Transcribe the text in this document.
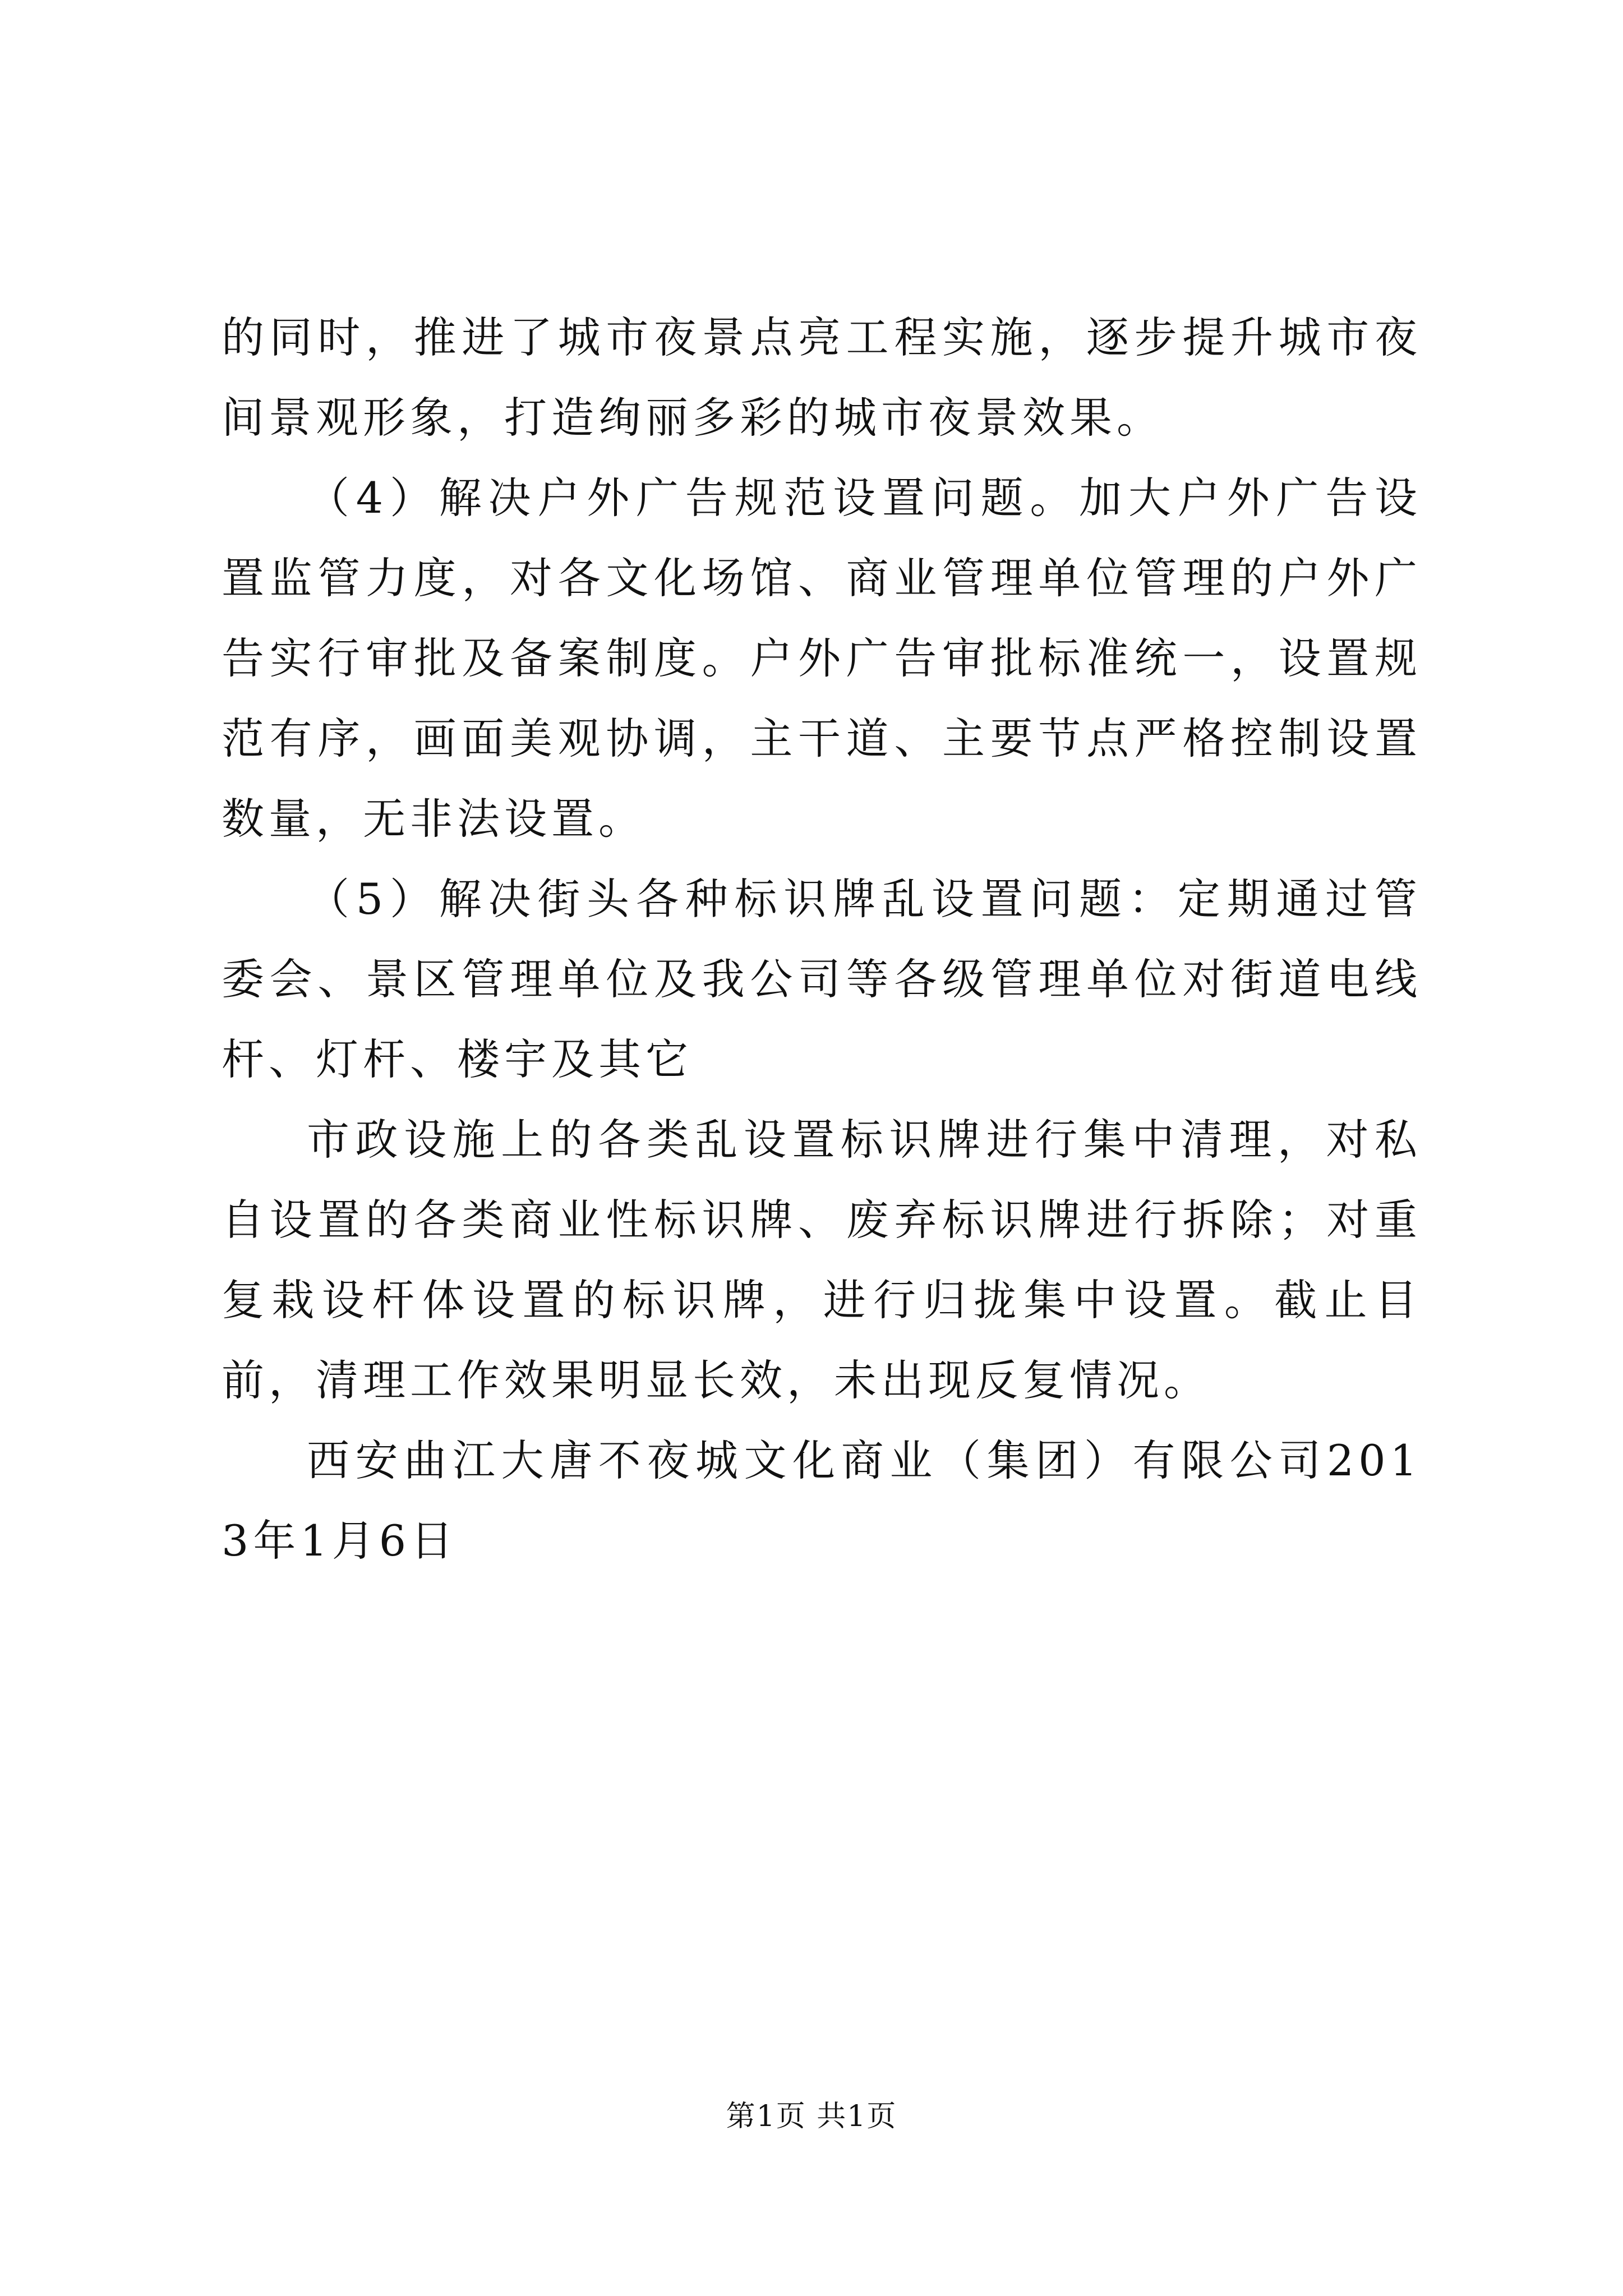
的同时，推进了城市夜景点亮工程实施，逐步提升城市夜间景观形象，打造绚丽多彩的城市夜景效果。

（4）解决户外广告规范设置问题。加大户外广告设置监管力度，对各文化场馆、商业管理单位管理的户外广告实行审批及备案制度。户外广告审批标准统一，设置规范有序，画面美观协调，主干道、主要节点严格控制设置数量，无非法设置。

（5）解决街头各种标识牌乱设置问题：定期通过管委会、景区管理单位及我公司等各级管理单位对街道电线杆、灯杆、楼宇及其它

市政设施上的各类乱设置标识牌进行集中清理，对私自设置的各类商业性标识牌、废弃标识牌进行拆除；对重复栽设杆体设置的标识牌，进行归拢集中设置。截止目前，清理工作效果明显长效，未出现反复情况。

西安曲江大唐不夜城文化商业（集团）有限公司2013年1月6日

第1页 共1页
